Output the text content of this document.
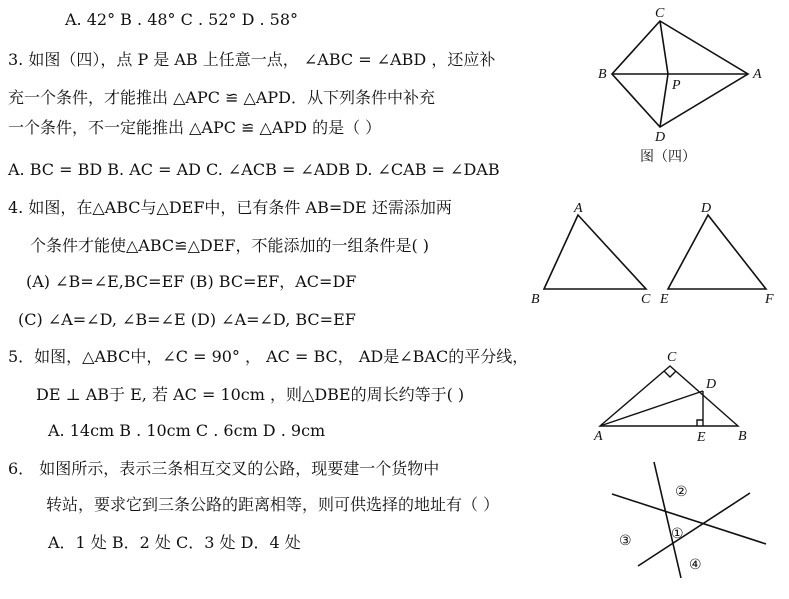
A. 42° B . 48° C . 52° D . 58°
3. 如图（四），点 P 是 AB 上任意一点， ∠ABC = ∠ABD ，还应补
充一个条件，才能推出 △APC ≌ △APD．从下列条件中补充
一个条件，不一定能推出 △APC ≌ △APD 的是（ ）
A. BC = BD B. AC = AD C. ∠ACB = ∠ADB D. ∠CAB = ∠DAB
4. 如图，在△ABC与△DEF中，已有条件 AB=DE 还需添加两
个条件才能使△ABC≌△DEF，不能添加的一组条件是( )
(A) ∠B=∠E,BC=EF (B) BC=EF，AC=DF
(C) ∠A=∠D, ∠B=∠E (D) ∠A=∠D, BC=EF
5．如图，△ABC中，∠C = 90° ， AC = BC， AD是∠BAC的平分线，
DE ⊥ AB于 E, 若 AC = 10cm ，则△DBE的周长约等于( )
A. 14cm B . 10cm C . 6cm D . 9cm
6． 如图所示，表示三条相互交叉的公路，现要建一个货物中
转站，要求它到三条公路的距离相等，则可供选择的地址有（ ）
A．1 处 B．2 处 C．3 处 D．4 处
C
B
P
A
D
图（四）
A
B	C
D
E	F
C
D
A	E B
②
③	①
④
